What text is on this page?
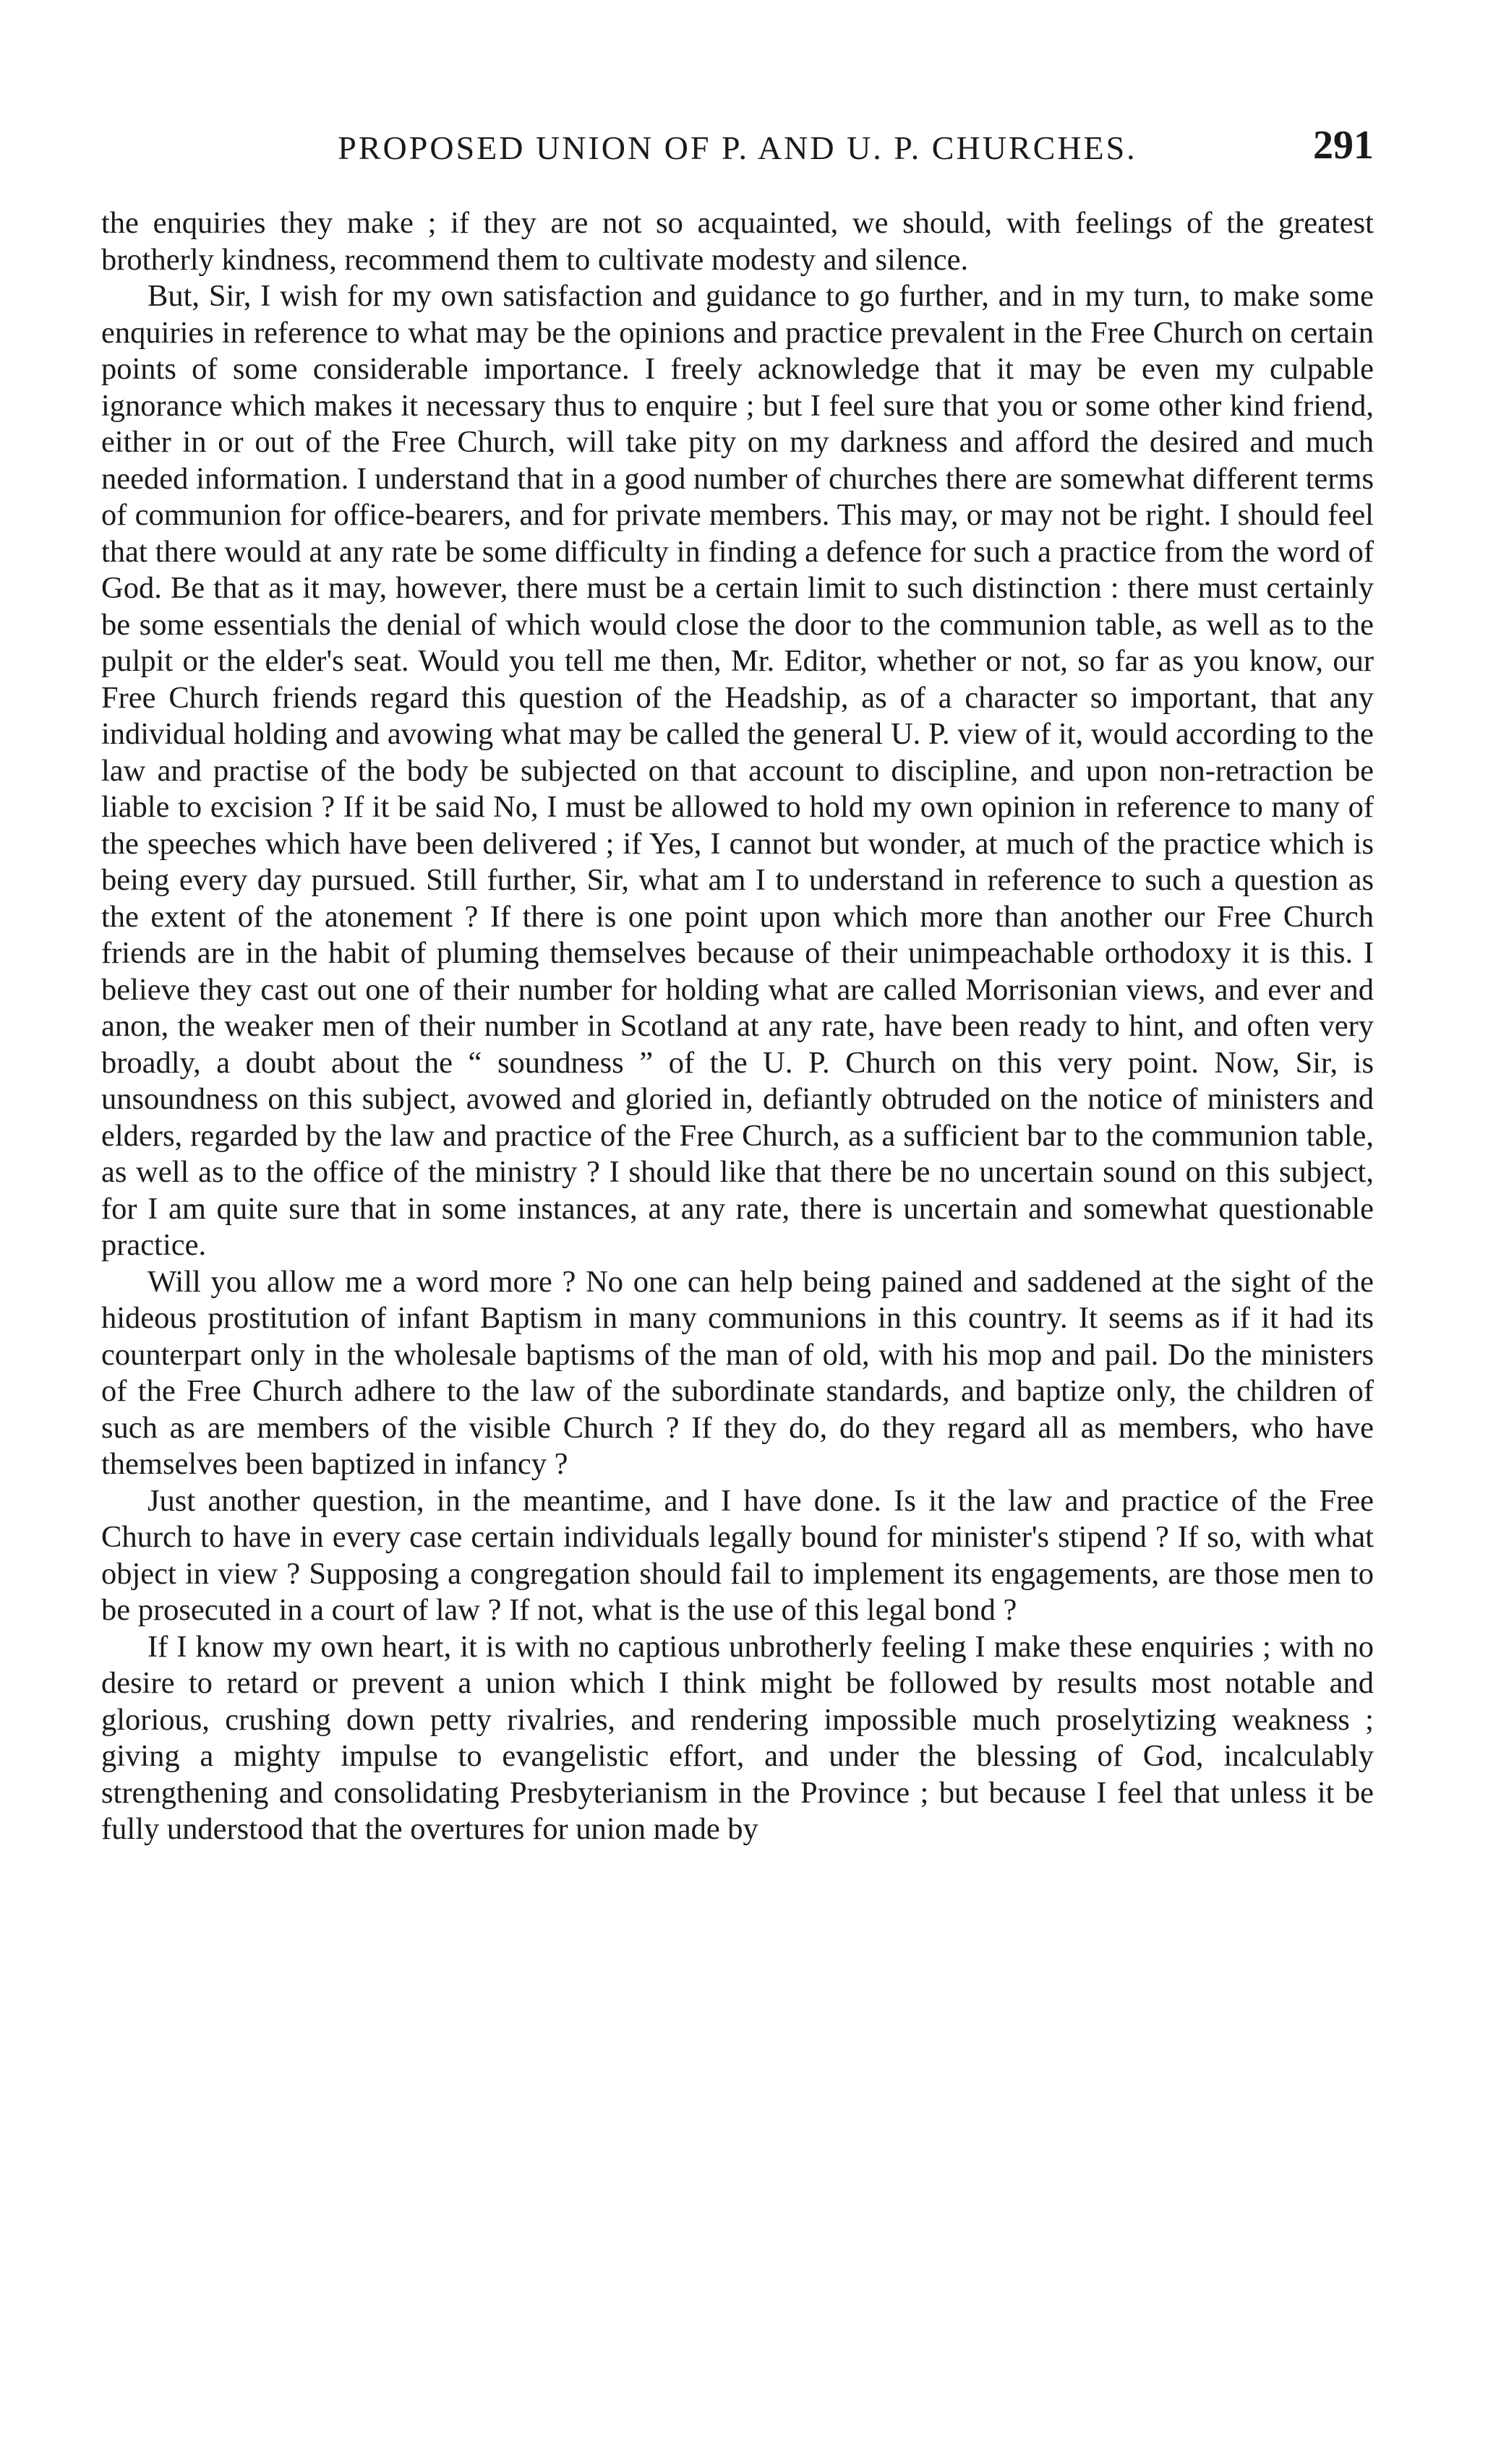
PROPOSED UNION OF P. AND U. P. CHURCHES.	291

the enquiries they make ; if they are not so acquainted, we should, with feelings of the greatest brotherly kindness, recommend them to cultivate modesty and silence.

But, Sir, I wish for my own satisfaction and guidance to go further, and in my turn, to make some enquiries in reference to what may be the opinions and practice prevalent in the Free Church on certain points of some considerable importance. I freely acknowledge that it may be even my culpable ignorance which makes it necessary thus to enquire ; but I feel sure that you or some other kind friend, either in or out of the Free Church, will take pity on my darkness and afford the desired and much needed information. I understand that in a good number of churches there are somewhat different terms of communion for office-bearers, and for private members. This may, or may not be right. I should feel that there would at any rate be some difficulty in finding a defence for such a practice from the word of God. Be that as it may, however, there must be a certain limit to such distinction : there must certainly be some essentials the denial of which would close the door to the communion table, as well as to the pulpit or the elder's seat. Would you tell me then, Mr. Editor, whether or not, so far as you know, our Free Church friends regard this question of the Headship, as of a character so important, that any individual holding and avowing what may be called the general U. P. view of it, would according to the law and practise of the body be subjected on that account to discipline, and upon non-retraction be liable to excision ? If it be said No, I must be allowed to hold my own opinion in reference to many of the speeches which have been delivered ; if Yes, I cannot but wonder, at much of the practice which is being every day pursued. Still further, Sir, what am I to understand in reference to such a question as the extent of the atonement ? If there is one point upon which more than another our Free Church friends are in the habit of pluming themselves because of their unimpeachable orthodoxy it is this. I believe they cast out one of their number for holding what are called Morrisonian views, and ever and anon, the weaker men of their number in Scotland at any rate, have been ready to hint, and often very broadly, a doubt about the “ soundness ” of the U. P. Church on this very point. Now, Sir, is unsoundness on this subject, avowed and gloried in, defiantly obtruded on the notice of ministers and elders, regarded by the law and practice of the Free Church, as a sufficient bar to the communion table, as well as to the office of the ministry ? I should like that there be no uncertain sound on this subject, for I am quite sure that in some instances, at any rate, there is uncertain and somewhat questionable practice.

Will you allow me a word more ? No one can help being pained and saddened at the sight of the hideous prostitution of infant Baptism in many communions in this country. It seems as if it had its counterpart only in the wholesale baptisms of the man of old, with his mop and pail. Do the ministers of the Free Church adhere to the law of the subordinate standards, and baptize only, the children of such as are members of the visible Church ? If they do, do they regard all as members, who have themselves been baptized in infancy ?

Just another question, in the meantime, and I have done. Is it the law and practice of the Free Church to have in every case certain individuals legally bound for minister's stipend ? If so, with what object in view ? Supposing a congregation should fail to implement its engagements, are those men to be prosecuted in a court of law ? If not, what is the use of this legal bond ?

If I know my own heart, it is with no captious unbrotherly feeling I make these enquiries ; with no desire to retard or prevent a union which I think might be followed by results most notable and glorious, crushing down petty rivalries, and rendering impossible much proselytizing weakness ; giving a mighty impulse to evangelistic effort, and under the blessing of God, incalculably strengthening and consolidating Presbyterianism in the Province ; but because I feel that unless it be fully understood that the overtures for union made by
